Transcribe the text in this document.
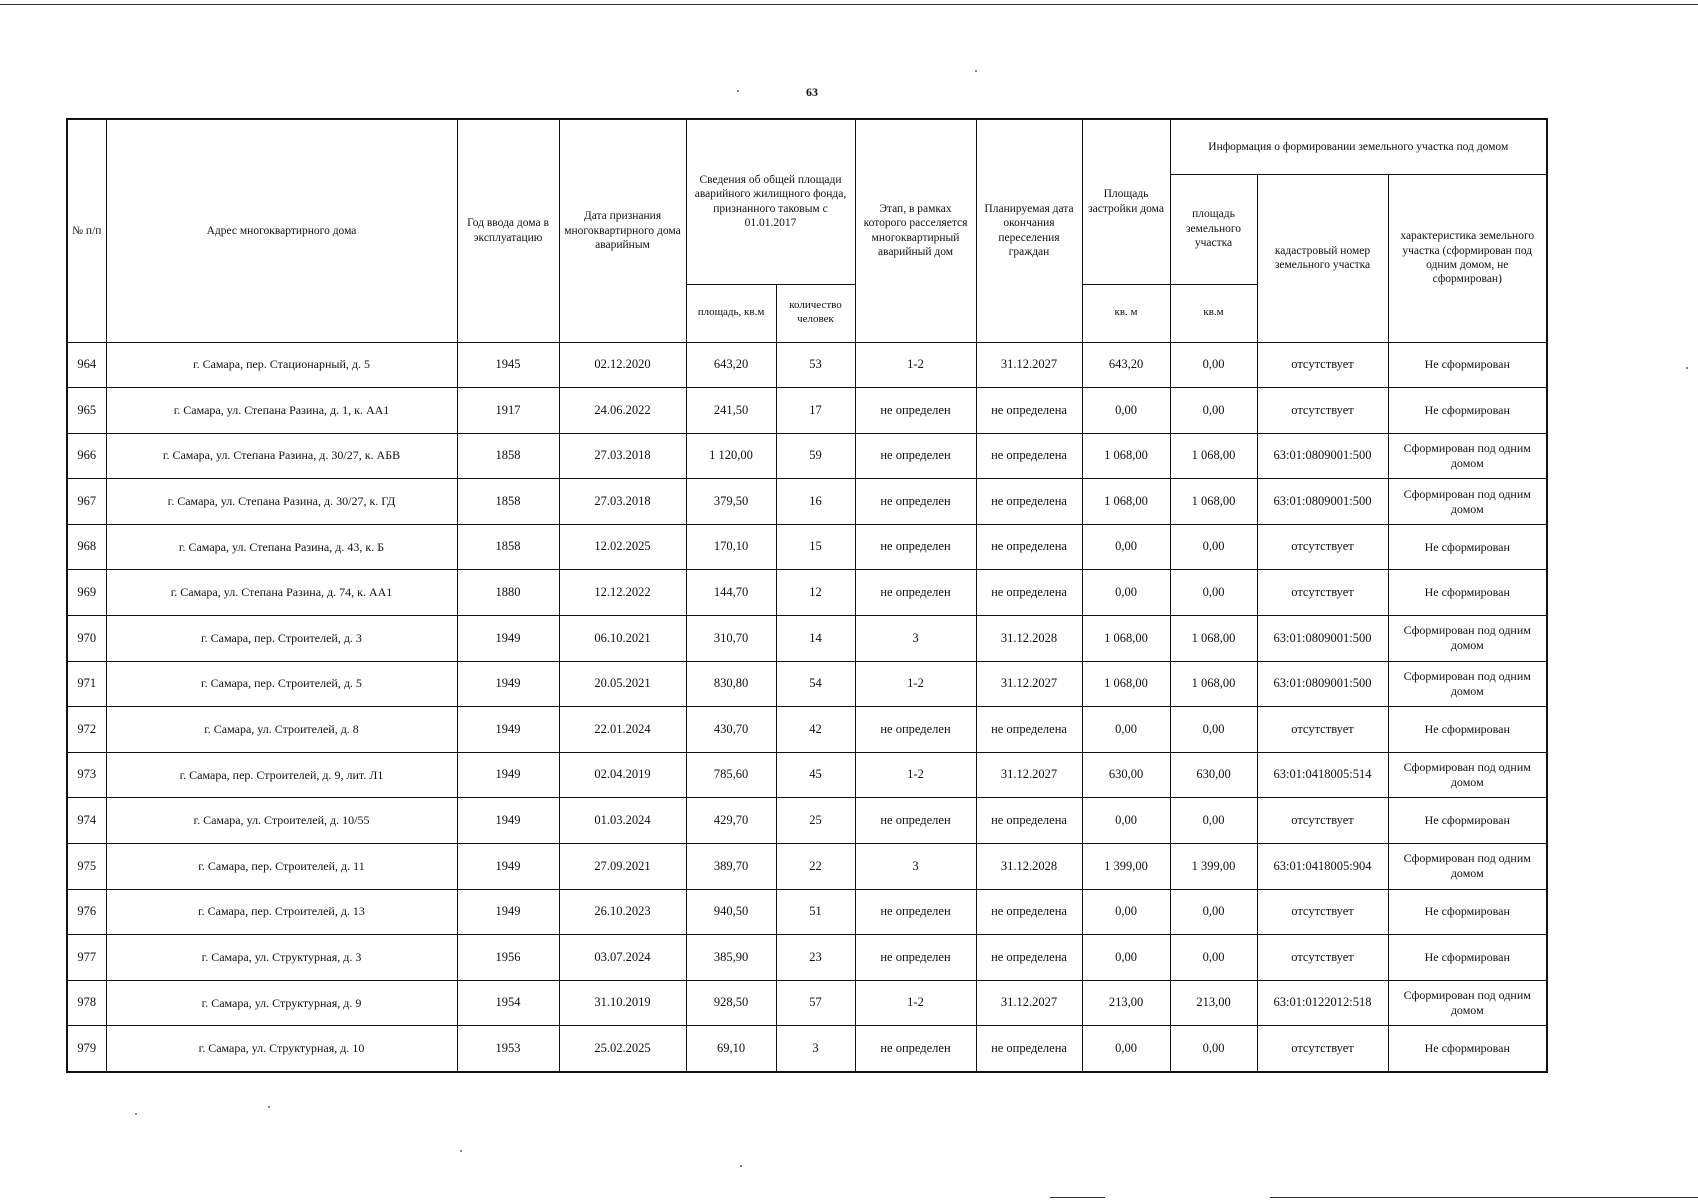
63
№ п/п	Адрес многоквартирного дома	Год ввода дома в эксплуатацию	Дата признания многоквартирного дома аварийным	Сведения об общей площади аварийного жилищного фонда, признанного таковым с 01.01.2017		Этап, в рамках которого расселяется многоквартирный аварийный дом	Планируемая дата окончания переселения граждан	Площадь застройки дома	Информация о формировании земельного участка под домом		
									площадь земельного участка	кадастровый номер земельного участка	характеристика земельного участка (сформирован под одним домом, не сформирован)
				площадь, кв.м	количество человек			кв. м	кв.м		
964	г. Самара, пер. Стационарный, д. 5	1945	02.12.2020	643,20	53	1-2	31.12.2027	643,20	0,00	отсутствует	Не сформирован
965	г. Самара, ул. Степана Разина, д. 1, к. АА1	1917	24.06.2022	241,50	17	не определен	не определена	0,00	0,00	отсутствует	Не сформирован
966	г. Самара, ул. Степана Разина, д. 30/27, к. АБВ	1858	27.03.2018	1 120,00	59	не определен	не определена	1 068,00	1 068,00	63:01:0809001:500	Сформирован под одним домом
967	г. Самара, ул. Степана Разина, д. 30/27, к. ГД	1858	27.03.2018	379,50	16	не определен	не определена	1 068,00	1 068,00	63:01:0809001:500	Сформирован под одним домом
968	г. Самара, ул. Степана Разина, д. 43, к. Б	1858	12.02.2025	170,10	15	не определен	не определена	0,00	0,00	отсутствует	Не сформирован
969	г. Самара, ул. Степана Разина, д. 74, к. АА1	1880	12.12.2022	144,70	12	не определен	не определена	0,00	0,00	отсутствует	Не сформирован
970	г. Самара, пер. Строителей, д. 3	1949	06.10.2021	310,70	14	3	31.12.2028	1 068,00	1 068,00	63:01:0809001:500	Сформирован под одним домом
971	г. Самара, пер. Строителей, д. 5	1949	20.05.2021	830,80	54	1-2	31.12.2027	1 068,00	1 068,00	63:01:0809001:500	Сформирован под одним домом
972	г. Самара, ул. Строителей, д. 8	1949	22.01.2024	430,70	42	не определен	не определена	0,00	0,00	отсутствует	Не сформирован
973	г. Самара, пер. Строителей, д. 9, лит. Л1	1949	02.04.2019	785,60	45	1-2	31.12.2027	630,00	630,00	63:01:0418005:514	Сформирован под одним домом
974	г. Самара, ул. Строителей, д. 10/55	1949	01.03.2024	429,70	25	не определен	не определена	0,00	0,00	отсутствует	Не сформирован
975	г. Самара, пер. Строителей, д. 11	1949	27.09.2021	389,70	22	3	31.12.2028	1 399,00	1 399,00	63:01:0418005:904	Сформирован под одним домом
976	г. Самара, пер. Строителей, д. 13	1949	26.10.2023	940,50	51	не определен	не определена	0,00	0,00	отсутствует	Не сформирован
977	г. Самара, ул. Структурная, д. 3	1956	03.07.2024	385,90	23	не определен	не определена	0,00	0,00	отсутствует	Не сформирован
978	г. Самара, ул. Структурная, д. 9	1954	31.10.2019	928,50	57	1-2	31.12.2027	213,00	213,00	63:01:0122012:518	Сформирован под одним домом
979	г. Самара, ул. Структурная, д. 10	1953	25.02.2025	69,10	3	не определен	не определена	0,00	0,00	отсутствует	Не сформирован
